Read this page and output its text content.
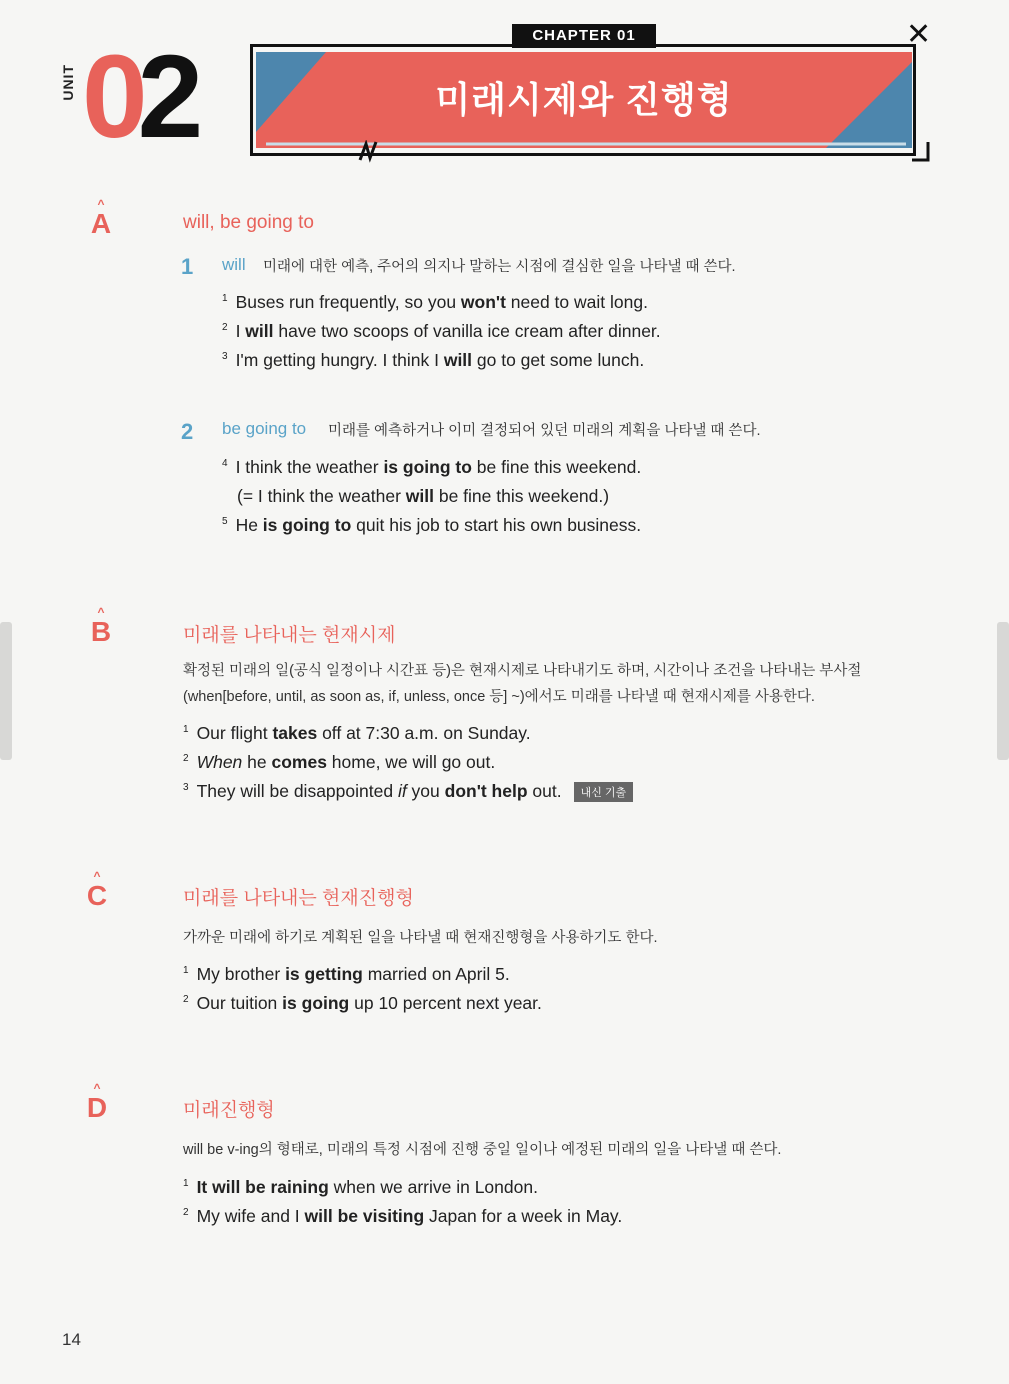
UNIT 02	미래시제와 진행형
CHAPTER 01	✕
^
A	will, be going to
1 will 미래에 대한 예측, 주어의 의지나 말하는 시점에 결심한 일을 나타낼 때 쓴다.
$^1$ Buses run frequently, so you won't need to wait long.
$^2$ I will have two scoops of vanilla ice cream after dinner.
$^3$ I'm getting hungry. I think I will go to get some lunch.
2 be going to 미래를 예측하거나 이미 결정되어 있던 미래의 계획을 나타낼 때 쓴다.
$^4$ I think the weather is going to be fine this weekend.
(= I think the weather will be fine this weekend.)
$^5$ He is going to quit his job to start his own business.
^
B	미래를 나타내는 현재시제
확정된 미래의 일(공식 일정이나 시간표 등)은 현재시제로 나타내기도 하며, 시간이나 조건을 나타내는 부사절
(when[before, until, as soon as, if, unless, once 등] ~)에서도 미래를 나타낼 때 현재시제를 사용한다.
$^1$ Our flight takes off at 7:30 a.m. on Sunday.
$^2$ When he comes home, we will go out.
$^3$ They will be disappointed if you don't help out. 내신 기출
^
C	미래를 나타내는 현재진행형
가까운 미래에 하기로 계획된 일을 나타낼 때 현재진행형을 사용하기도 한다.
$^1$ My brother is getting married on April 5.
$^2$ Our tuition is going up 10 percent next year.
^
D	미래진행형
will be v-ing의 형태로, 미래의 특정 시점에 진행 중일 일이나 예정된 미래의 일을 나타낼 때 쓴다.
$^1$ It will be raining when we arrive in London.
$^2$ My wife and I will be visiting Japan for a week in May.
14
